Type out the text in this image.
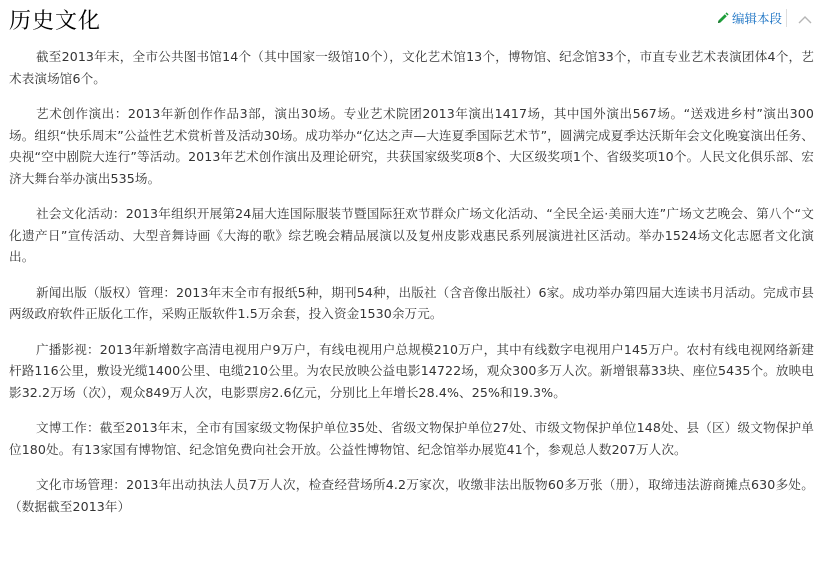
历史文化	编辑本段

截至2013年末，全市公共图书馆14个（其中国家一级馆10个），文化艺术馆13个，博物馆、纪念馆33个，市直专业艺术表演团体4个，艺术表演场馆6个。

艺术创作演出：2013年新创作作品3部，演出30场。专业艺术院团2013年演出1417场，其中国外演出567场。“送戏进乡村”演出300场。组织“快乐周末”公益性艺术赏析普及活动30场。成功举办“亿达之声—大连夏季国际艺术节”，圆满完成夏季达沃斯年会文化晚宴演出任务、央视“空中剧院大连行”等活动。2013年艺术创作演出及理论研究，共获国家级奖项8个、大区级奖项1个、省级奖项10个。人民文化俱乐部、宏济大舞台举办演出535场。

社会文化活动：2013年组织开展第24届大连国际服装节暨国际狂欢节群众广场文化活动、“全民全运·美丽大连”广场文艺晚会、第八个“文化遗产日”宣传活动、大型音舞诗画《大海的歌》综艺晚会精品展演以及复州皮影戏惠民系列展演进社区活动。举办1524场文化志愿者文化演出。

新闻出版（版权）管理：2013年末全市有报纸5种，期刊54种，出版社（含音像出版社）6家。成功举办第四届大连读书月活动。完成市县两级政府软件正版化工作，采购正版软件1.5万余套，投入资金1530余万元。

广播影视：2013年新增数字高清电视用户9万户，有线电视用户总规模210万户，其中有线数字电视用户145万户。农村有线电视网络新建杆路116公里，敷设光缆1400公里、电缆210公里。为农民放映公益电影14722场，观众300多万人次。新增银幕33块、座位5435个。放映电影32.2万场（次），观众849万人次，电影票房2.6亿元，分别比上年增长28.4%、25%和19.3%。

文博工作：截至2013年末，全市有国家级文物保护单位35处、省级文物保护单位27处、市级文物保护单位148处、县（区）级文物保护单位180处。有13家国有博物馆、纪念馆免费向社会开放。公益性博物馆、纪念馆举办展览41个，参观总人数207万人次。

文化市场管理：2013年出动执法人员7万人次，检查经营场所4.2万家次，收缴非法出版物60多万张（册），取缔违法游商摊点630多处。（数据截至2013年）
